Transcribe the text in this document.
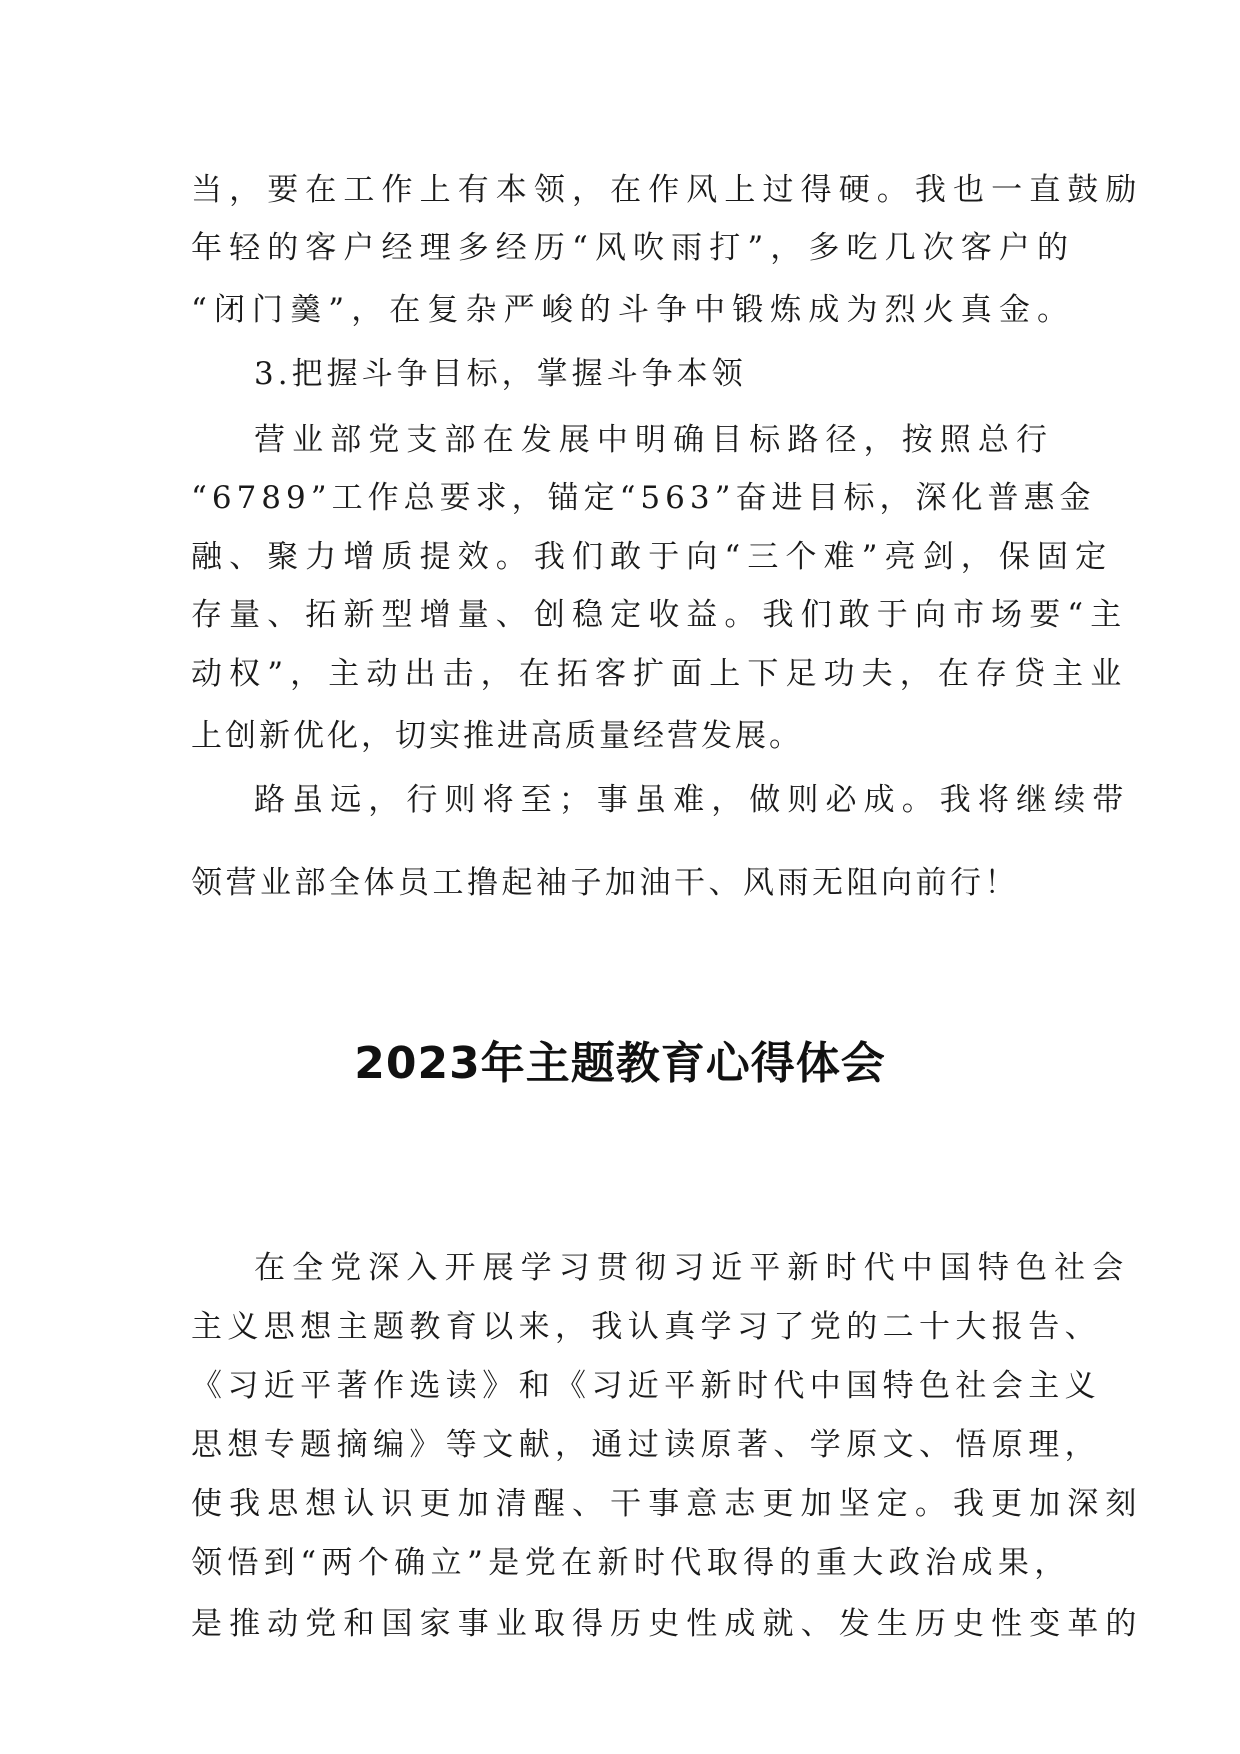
当，要在工作上有本领，在作风上过得硬。我也一直鼓励
年轻的客户经理多经历“风吹雨打”，多吃几次客户的
“闭门羹”，在复杂严峻的斗争中锻炼成为烈火真金。
3.把握斗争目标，掌握斗争本领
营业部党支部在发展中明确目标路径，按照总行
“6789”工作总要求，锚定“563”奋进目标，深化普惠金
融、聚力增质提效。我们敢于向“三个难”亮剑，保固定
存量、拓新型增量、创稳定收益。我们敢于向市场要“主
动权”，主动出击，在拓客扩面上下足功夫，在存贷主业
上创新优化，切实推进高质量经营发展。
路虽远，行则将至；事虽难，做则必成。我将继续带
领营业部全体员工撸起袖子加油干、风雨无阻向前行！
2023年主题教育心得体会
在全党深入开展学习贯彻习近平新时代中国特色社会
主义思想主题教育以来，我认真学习了党的二十大报告、
《习近平著作选读》和《习近平新时代中国特色社会主义
思想专题摘编》等文献，通过读原著、学原文、悟原理，
使我思想认识更加清醒、干事意志更加坚定。我更加深刻
领悟到“两个确立”是党在新时代取得的重大政治成果，
是推动党和国家事业取得历史性成就、发生历史性变革的
